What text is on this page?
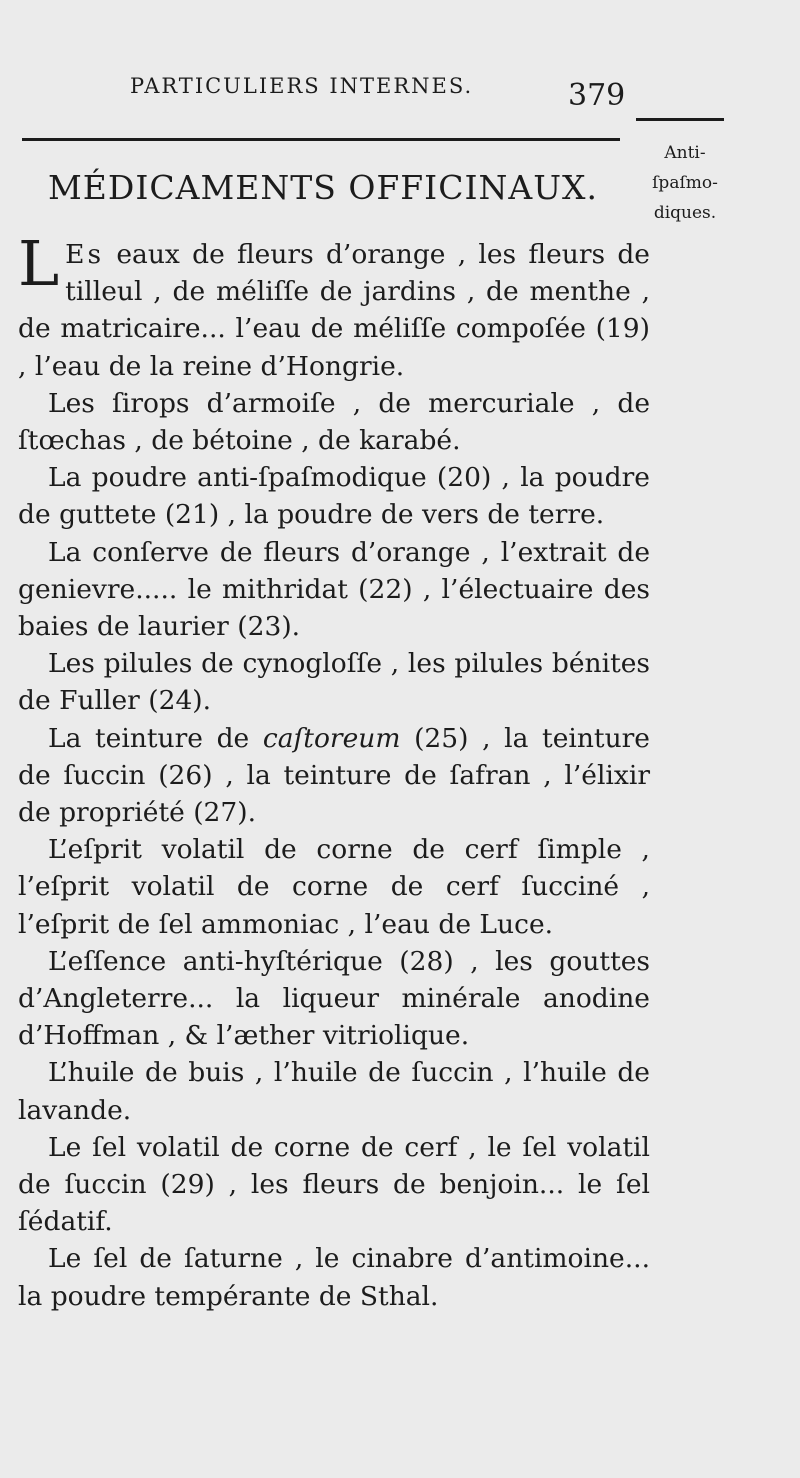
PARTICULIERS INTERNES.	379
Anti-
ſpaſmo-
diques.
MÉDICAMENTS OFFICINAUX.

L Es eaux de fleurs d’orange , les fleurs de tilleul , de méliſſe de jardins , de menthe , de matricaire... l’eau de méliſſe compoſée (19) , l’eau de la reine d’Hongrie.

Les ſirops d’armoiſe , de mercuriale , de ſtœchas , de bétoine , de karabé.

La poudre anti-ſpaſmodique (20) , la poudre de guttete (21) , la poudre de vers de terre.

La conſerve de fleurs d’orange , l’extrait de genievre..... le mithridat (22) , l’électuaire des baies de laurier (23).

Les pilules de cynogloſſe , les pilules bénites de Fuller (24).

La teinture de caſtoreum (25) , la teinture de ſuccin (26) , la teinture de ſafran , l’élixir de propriété (27).

L’eſprit volatil de corne de cerf ſimple , l’eſprit volatil de corne de cerf ſucciné , l’eſprit de ſel ammoniac , l’eau de Luce.

L’eſſence anti-hyſtérique (28) , les gouttes d’Angleterre... la liqueur minérale anodine d’Hoffman , & l’æther vitriolique.

L’huile de buis , l’huile de ſuccin , l’huile de lavande.

Le ſel volatil de corne de cerf , le ſel volatil de ſuccin (29) , les fleurs de benjoin... le ſel ſédatif.

Le ſel de ſaturne , le cinabre d’antimoine... la poudre tempérante de Sthal.
